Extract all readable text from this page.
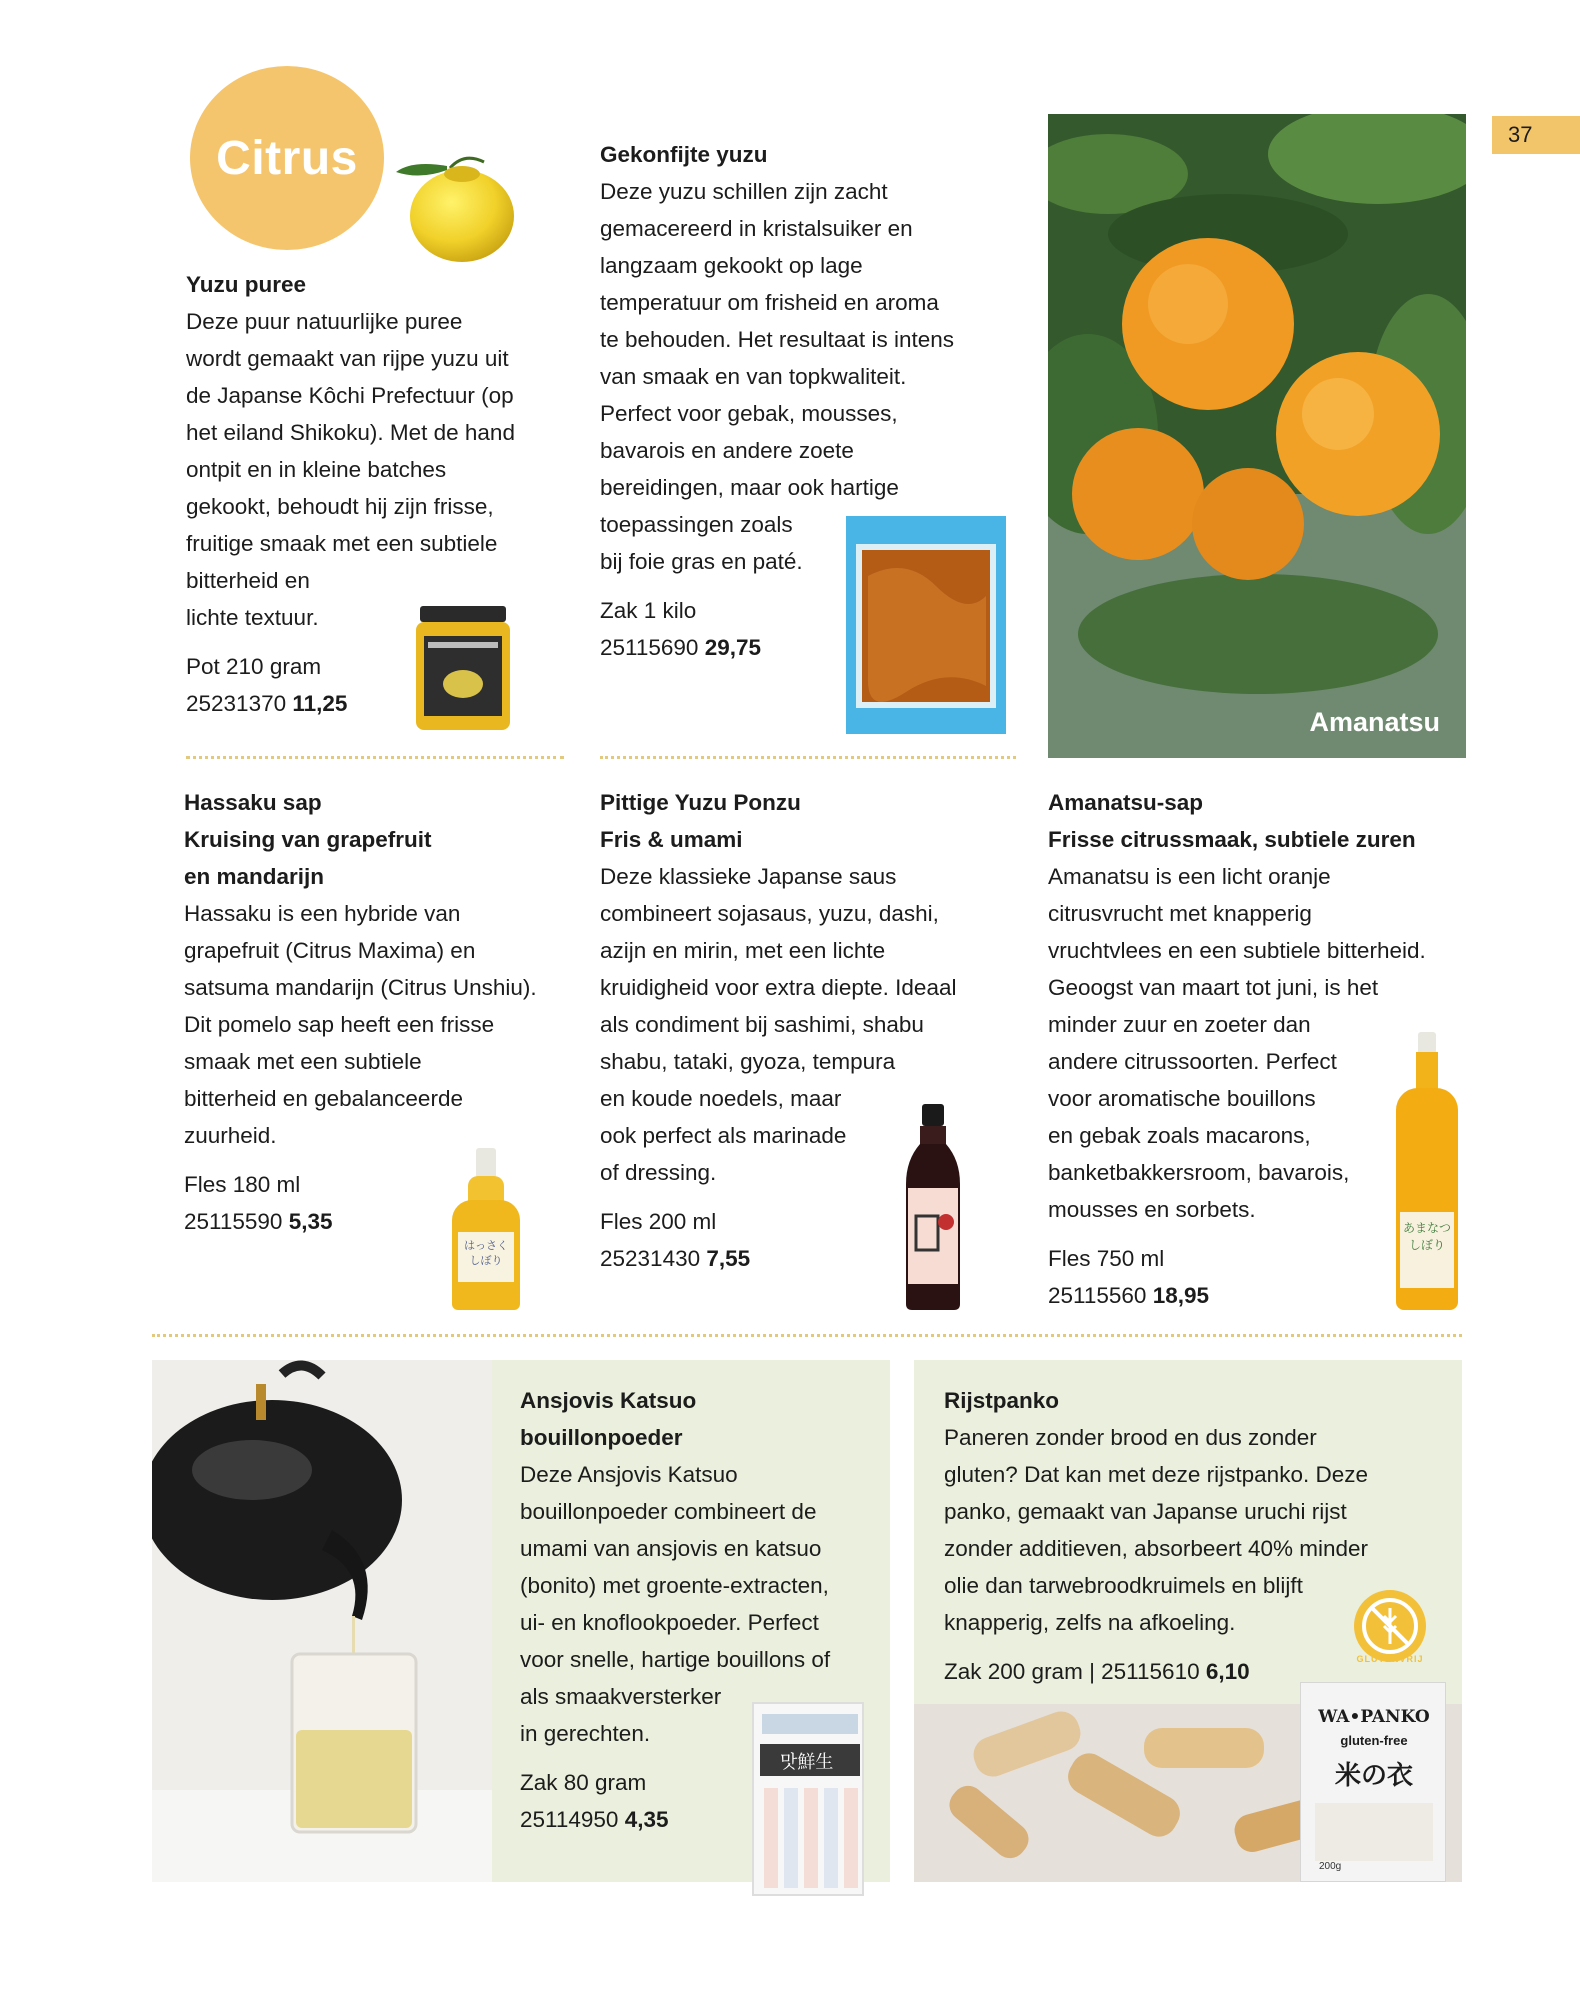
37
Citrus

Yuzu puree

Deze puur natuurlijke puree

wordt gemaakt van rijpe yuzu uit

de Japanse Kôchi Prefectuur (op

het eiland Shikoku). Met de hand

ontpit en in kleine batches

gekookt, behoudt hij zijn frisse,

fruitige smaak met een subtiele

bitterheid en

lichte textuur.

Pot 210 gram

25231370 11,25

Gekonfijte yuzu

Deze yuzu schillen zijn zacht

gemacereerd in kristalsuiker en

langzaam gekookt op lage

temperatuur om frisheid en aroma

te behouden. Het resultaat is intens

van smaak en van topkwaliteit.

Perfect voor gebak, mousses,

bavarois en andere zoete

bereidingen, maar ook hartige

toepassingen zoals

bij foie gras en paté.

Zak 1 kilo

25115690 29,75

Amanatsu

Hassaku sap

Kruising van grapefruit

en mandarijn

Hassaku is een hybride van

grapefruit (Citrus Maxima) en

satsuma mandarijn (Citrus Unshiu).

Dit pomelo sap heeft een frisse

smaak met een subtiele

bitterheid en gebalanceerde

zuurheid.

Fles 180 ml

25115590 5,35

はっさく しぼり

Pittige Yuzu Ponzu

Fris & umami

Deze klassieke Japanse saus

combineert sojasaus, yuzu, dashi,

azijn en mirin, met een lichte

kruidigheid voor extra diepte. Ideaal

als condiment bij sashimi, shabu

shabu, tataki, gyoza, tempura

en koude noedels, maar

ook perfect als marinade

of dressing.

Fles 200 ml

25231430 7,55

Amanatsu-sap

Frisse citrussmaak, subtiele zuren

Amanatsu is een licht oranje

citrusvrucht met knapperig

vruchtvlees en een subtiele bitterheid.

Geoogst van maart tot juni, is het

minder zuur en zoeter dan

andere citrussoorten. Perfect

voor aromatische bouillons

en gebak zoals macarons,

banketbakkersroom, bavarois,

mousses en sorbets.

Fles 750 ml

25115560 18,95

あまなつ しぼり

Ansjovis Katsuo

bouillonpoeder

Deze Ansjovis Katsuo

bouillonpoeder combineert de

umami van ansjovis en katsuo

(bonito) met groente-extracten,

ui- en knoflookpoeder. Perfect

voor snelle, hartige bouillons of

als smaakversterker

in gerechten.

Zak 80 gram

25114950 4,35

맛鮮生

Rijstpanko

Paneren zonder brood en dus zonder

gluten? Dat kan met deze rijstpanko. Deze

panko, gemaakt van Japanse uruchi rijst

zonder additieven, absorbeert 40% minder

olie dan tarwebroodkruimels en blijft

knapperig, zelfs na afkoeling.

Zak 200 gram | 25115610 6,10	GLUTENVRIJ
WA•PANKO
gluten-free
米の衣
200g
